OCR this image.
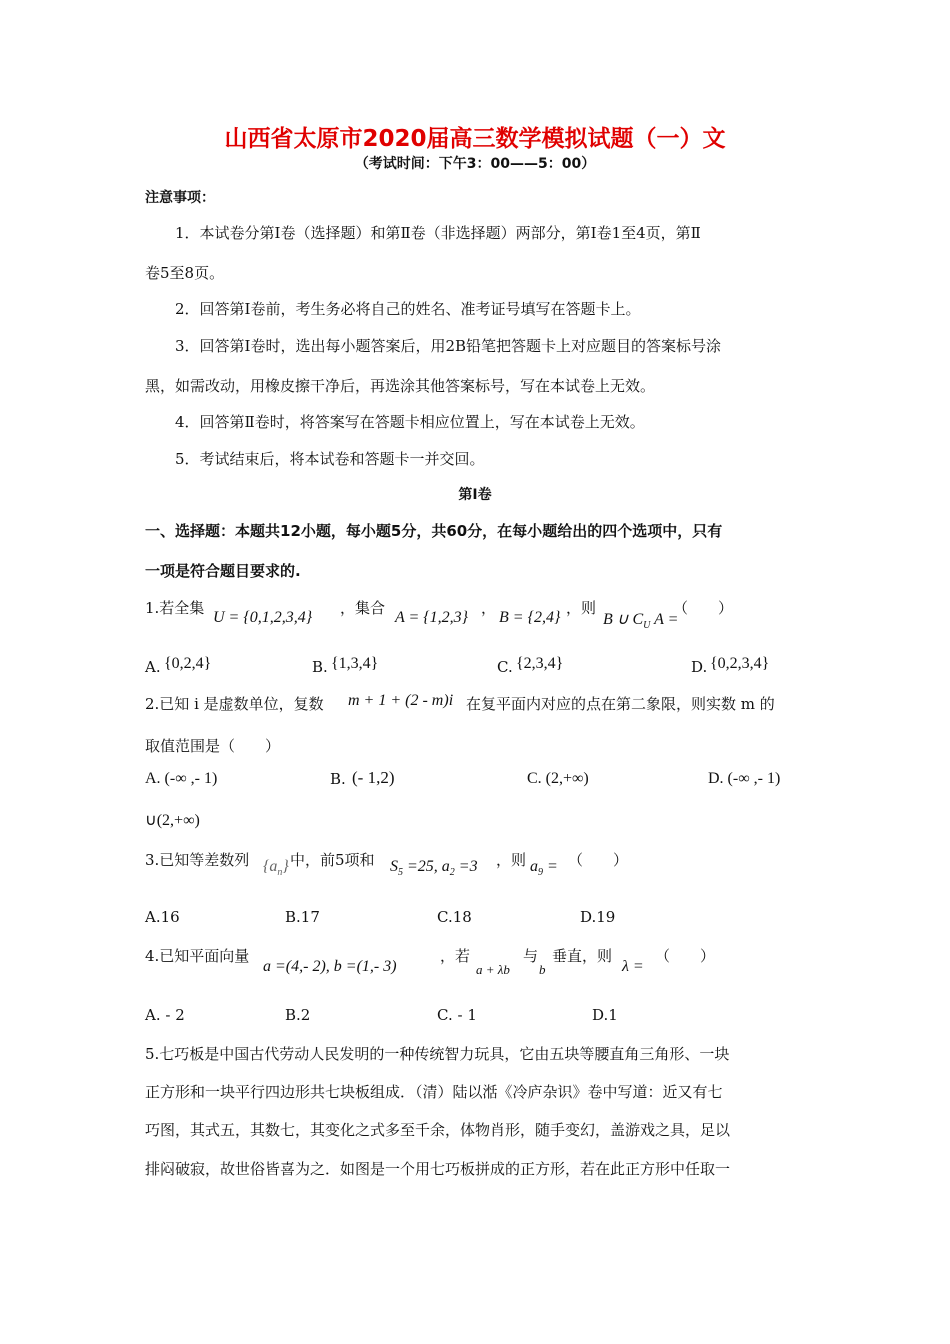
山西省太原市2020届高三数学模拟试题（一）文
（考试时间：下午3：00——5：00）
注意事项：
1．本试卷分第Ⅰ卷（选择题）和第Ⅱ卷（非选择题）两部分，第Ⅰ卷1至4页，第Ⅱ
卷5至8页。
2．回答第Ⅰ卷前，考生务必将自己的姓名、准考证号填写在答题卡上。
3．回答第Ⅰ卷时，选出每小题答案后，用2B铅笔把答题卡上对应题目的答案标号涂
黑，如需改动，用橡皮擦干净后，再选涂其他答案标号，写在本试卷上无效。
4．回答第Ⅱ卷时，将答案写在答题卡相应位置上，写在本试卷上无效。
5．考试结束后，将本试卷和答题卡一并交回。
第Ⅰ卷
一、选择题：本题共12小题，每小题5分，共60分，在每小题给出的四个选项中，只有
一项是符合题目要求的.
1.若全集
U = {0,1,2,3,4}
，集合
A = {1,2,3}
，
B = {2,4}
，则
B ∪ $C_U$ A =
（　　）
A. {0,2,4}	B. {1,3,4}	C. {2,3,4}	D. {0,2,3,4}
2.已知 i 是虚数单位，复数 m + 1 + (2 - m)i 在复平面内对应的点在第二象限，则实数 m 的
取值范围是（　　）
A. (-∞ ,- 1)	B. (- 1,2)	C. (2,+∞)	D. (-∞ ,- 1)
∪(2,+∞)
3.已知等差数列 $\{a_n\}$ 中，前5项和 $S_5 =25$, $a_2 =3$ ，则 $a_9$ = （　　）
A.16	B.17	C.18	D.19
4.已知平面向量
a =(4,- 2), b =(1,- 3)
，若
a + λb
与
b
垂直，则
λ =
（　　）
A. - 2	B.2	C. - 1	D.1
5.七巧板是中国古代劳动人民发明的一种传统智力玩具，它由五块等腰直角三角形、一块
正方形和一块平行四边形共七块板组成．（清）陆以湉《冷庐杂识》卷中写道：近又有七
巧图，其式五，其数七，其变化之式多至千余，体物肖形，随手变幻，盖游戏之具，足以
排闷破寂，故世俗皆喜为之．如图是一个用七巧板拼成的正方形，若在此正方形中任取一
